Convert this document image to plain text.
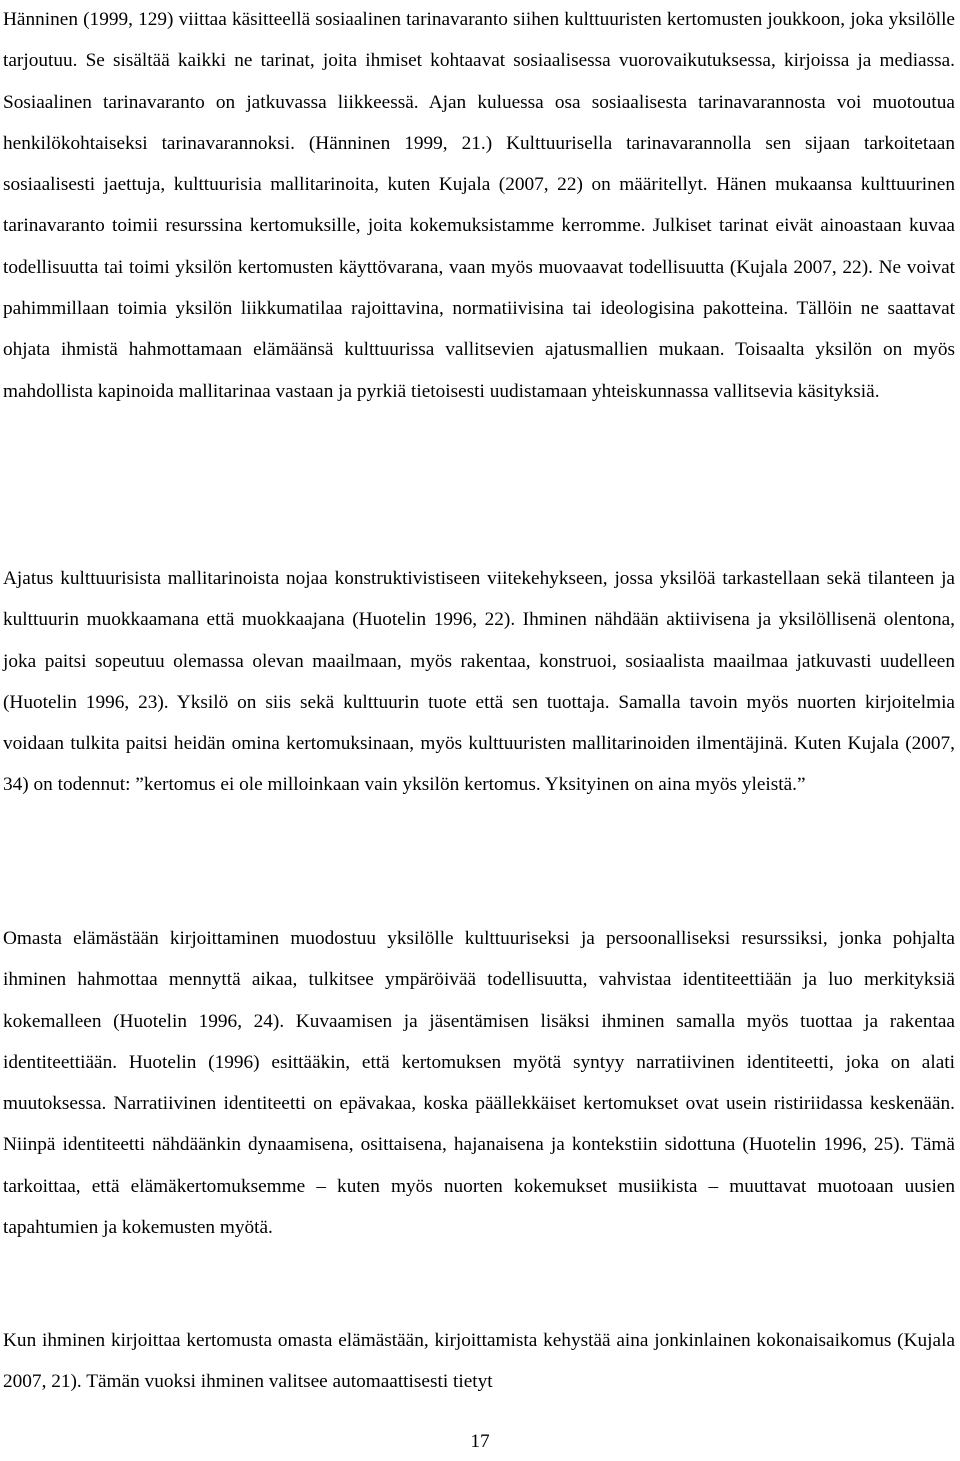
Hänninen (1999, 129) viittaa käsitteellä sosiaalinen tarinavaranto siihen kulttuuristen kertomusten joukkoon, joka yksilölle tarjoutuu. Se sisältää kaikki ne tarinat, joita ihmiset kohtaavat sosiaalisessa vuorovaikutuksessa, kirjoissa ja mediassa. Sosiaalinen tarinavaranto on jatkuvassa liikkeessä. Ajan kuluessa osa sosiaalisesta tarinavarannosta voi muotoutua henkilökohtaiseksi tarinavarannoksi. (Hänninen 1999, 21.) Kulttuurisella tarinavarannolla sen sijaan tarkoitetaan sosiaalisesti jaettuja, kulttuurisia mallitarinoita, kuten Kujala (2007, 22) on määritellyt. Hänen mukaansa kulttuurinen tarinavaranto toimii resurssina kertomuksille, joita kokemuksistamme kerromme. Julkiset tarinat eivät ainoastaan kuvaa todellisuutta tai toimi yksilön kertomusten käyttövarana, vaan myös muovaavat todellisuutta (Kujala 2007, 22). Ne voivat pahimmillaan toimia yksilön liikkumatilaa rajoittavina, normatiivisina tai ideologisina pakotteina. Tällöin ne saattavat ohjata ihmistä hahmottamaan elämäänsä kulttuurissa vallitsevien ajatusmallien mukaan. Toisaalta yksilön on myös mahdollista kapinoida mallitarinaa vastaan ja pyrkiä tietoisesti uudistamaan yhteiskunnassa vallitsevia käsityksiä.

Ajatus kulttuurisista mallitarinoista nojaa konstruktivistiseen viitekehykseen, jossa yksilöä tarkastellaan sekä tilanteen ja kulttuurin muokkaamana että muokkaajana (Huotelin 1996, 22). Ihminen nähdään aktiivisena ja yksilöllisenä olentona, joka paitsi sopeutuu olemassa olevan maailmaan, myös rakentaa, konstruoi, sosiaalista maailmaa jatkuvasti uudelleen (Huotelin 1996, 23). Yksilö on siis sekä kulttuurin tuote että sen tuottaja. Samalla tavoin myös nuorten kirjoitelmia voidaan tulkita paitsi heidän omina kertomuksinaan, myös kulttuuristen mallitarinoiden ilmentäjinä. Kuten Kujala (2007, 34) on todennut: ”kertomus ei ole milloinkaan vain yksilön kertomus. Yksityinen on aina myös yleistä.”

Omasta elämästään kirjoittaminen muodostuu yksilölle kulttuuriseksi ja persoonalliseksi resurssiksi, jonka pohjalta ihminen hahmottaa mennyttä aikaa, tulkitsee ympäröivää todellisuutta, vahvistaa identiteettiään ja luo merkityksiä kokemalleen (Huotelin 1996, 24). Kuvaamisen ja jäsentämisen lisäksi ihminen samalla myös tuottaa ja rakentaa identiteettiään. Huotelin (1996) esittääkin, että kertomuksen myötä syntyy narratiivinen identiteetti, joka on alati muutoksessa. Narratiivinen identiteetti on epävakaa, koska päällekkäiset kertomukset ovat usein ristiriidassa keskenään. Niinpä identiteetti nähdäänkin dynaamisena, osittaisena, hajanaisena ja kontekstiin sidottuna (Huotelin 1996, 25). Tämä tarkoittaa, että elämäkertomuksemme – kuten myös nuorten kokemukset musiikista – muuttavat muotoaan uusien tapahtumien ja kokemusten myötä.

Kun ihminen kirjoittaa kertomusta omasta elämästään, kirjoittamista kehystää aina jonkinlainen kokonaisaikomus (Kujala 2007, 21). Tämän vuoksi ihminen valitsee automaattisesti tietyt

17
